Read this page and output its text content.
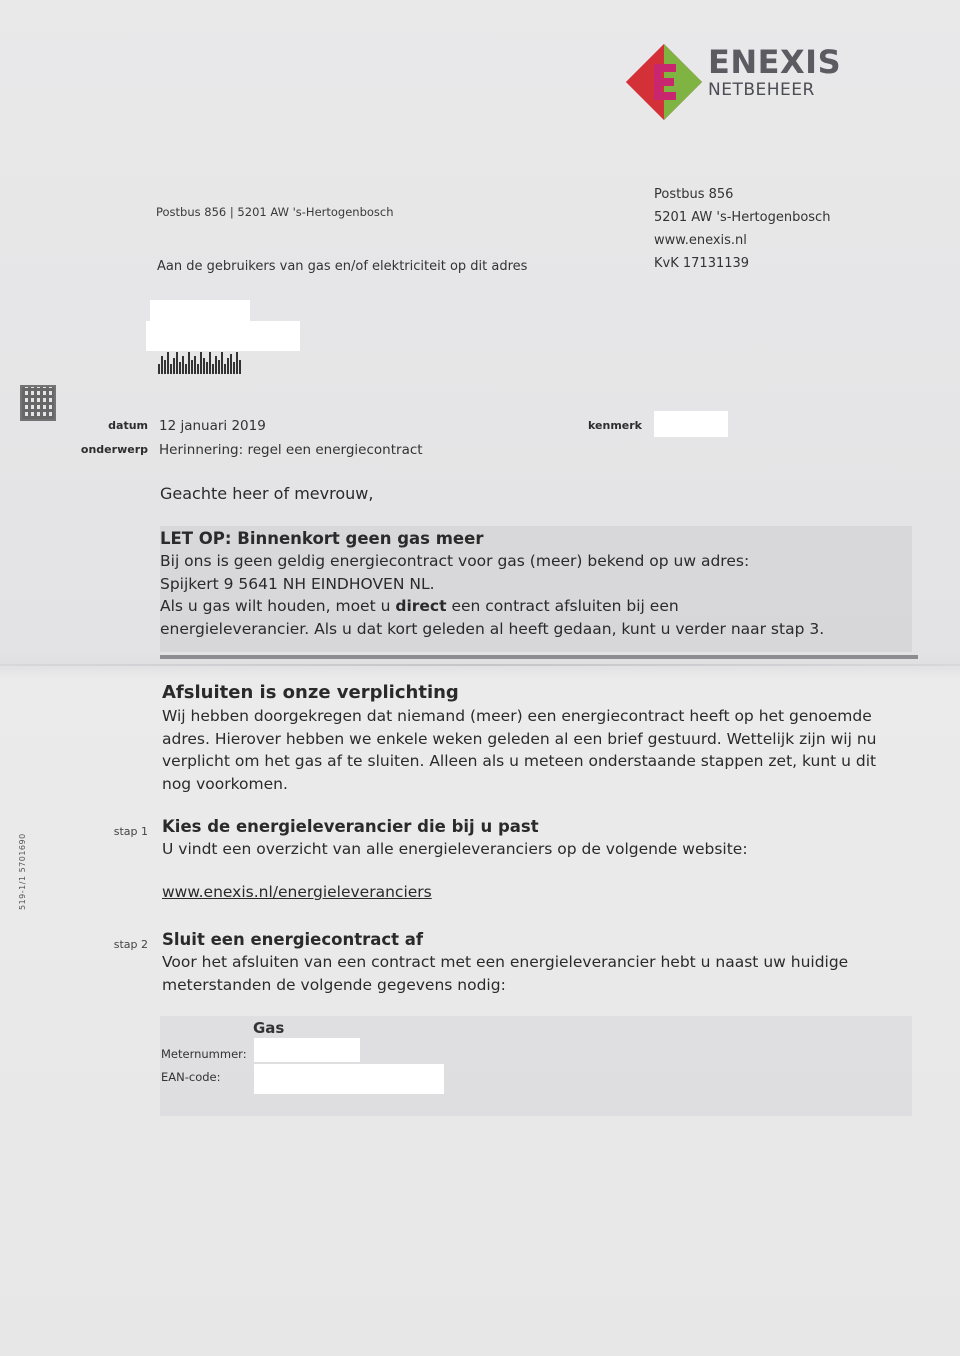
ENEXIS
NETBEHEER
Postbus 856 | 5201 AW 's-Hertogenbosch
Postbus 856
5201 AW 's-Hertogenbosch
www.enexis.nl
KvK 17131139
Aan de gebruikers van gas en/of elektriciteit op dit adres
519-1/1 5701690
datum 12 januari 2019
onderwerp Herinnering: regel een energiecontract
kenmerk
Geachte heer of mevrouw,
LET OP: Binnenkort geen gas meer
Bij ons is geen geldig energiecontract voor gas (meer) bekend op uw adres:
Spijkert 9 5641 NH EINDHOVEN NL.
Als u gas wilt houden, moet u direct een contract afsluiten bij een
energieleverancier. Als u dat kort geleden al heeft gedaan, kunt u verder naar stap 3.
Afsluiten is onze verplichting
Wij hebben doorgekregen dat niemand (meer) een energiecontract heeft op het genoemde
adres. Hierover hebben we enkele weken geleden al een brief gestuurd. Wettelijk zijn wij nu
verplicht om het gas af te sluiten. Alleen als u meteen onderstaande stappen zet, kunt u dit
nog voorkomen.
stap 1 Kies de energieleverancier die bij u past
U vindt een overzicht van alle energieleveranciers op de volgende website:
www.enexis.nl/energieleveranciers
stap 2 Sluit een energiecontract af
Voor het afsluiten van een contract met een energieleverancier hebt u naast uw huidige
meterstanden de volgende gegevens nodig:
Gas
Meternummer:
EAN-code:
